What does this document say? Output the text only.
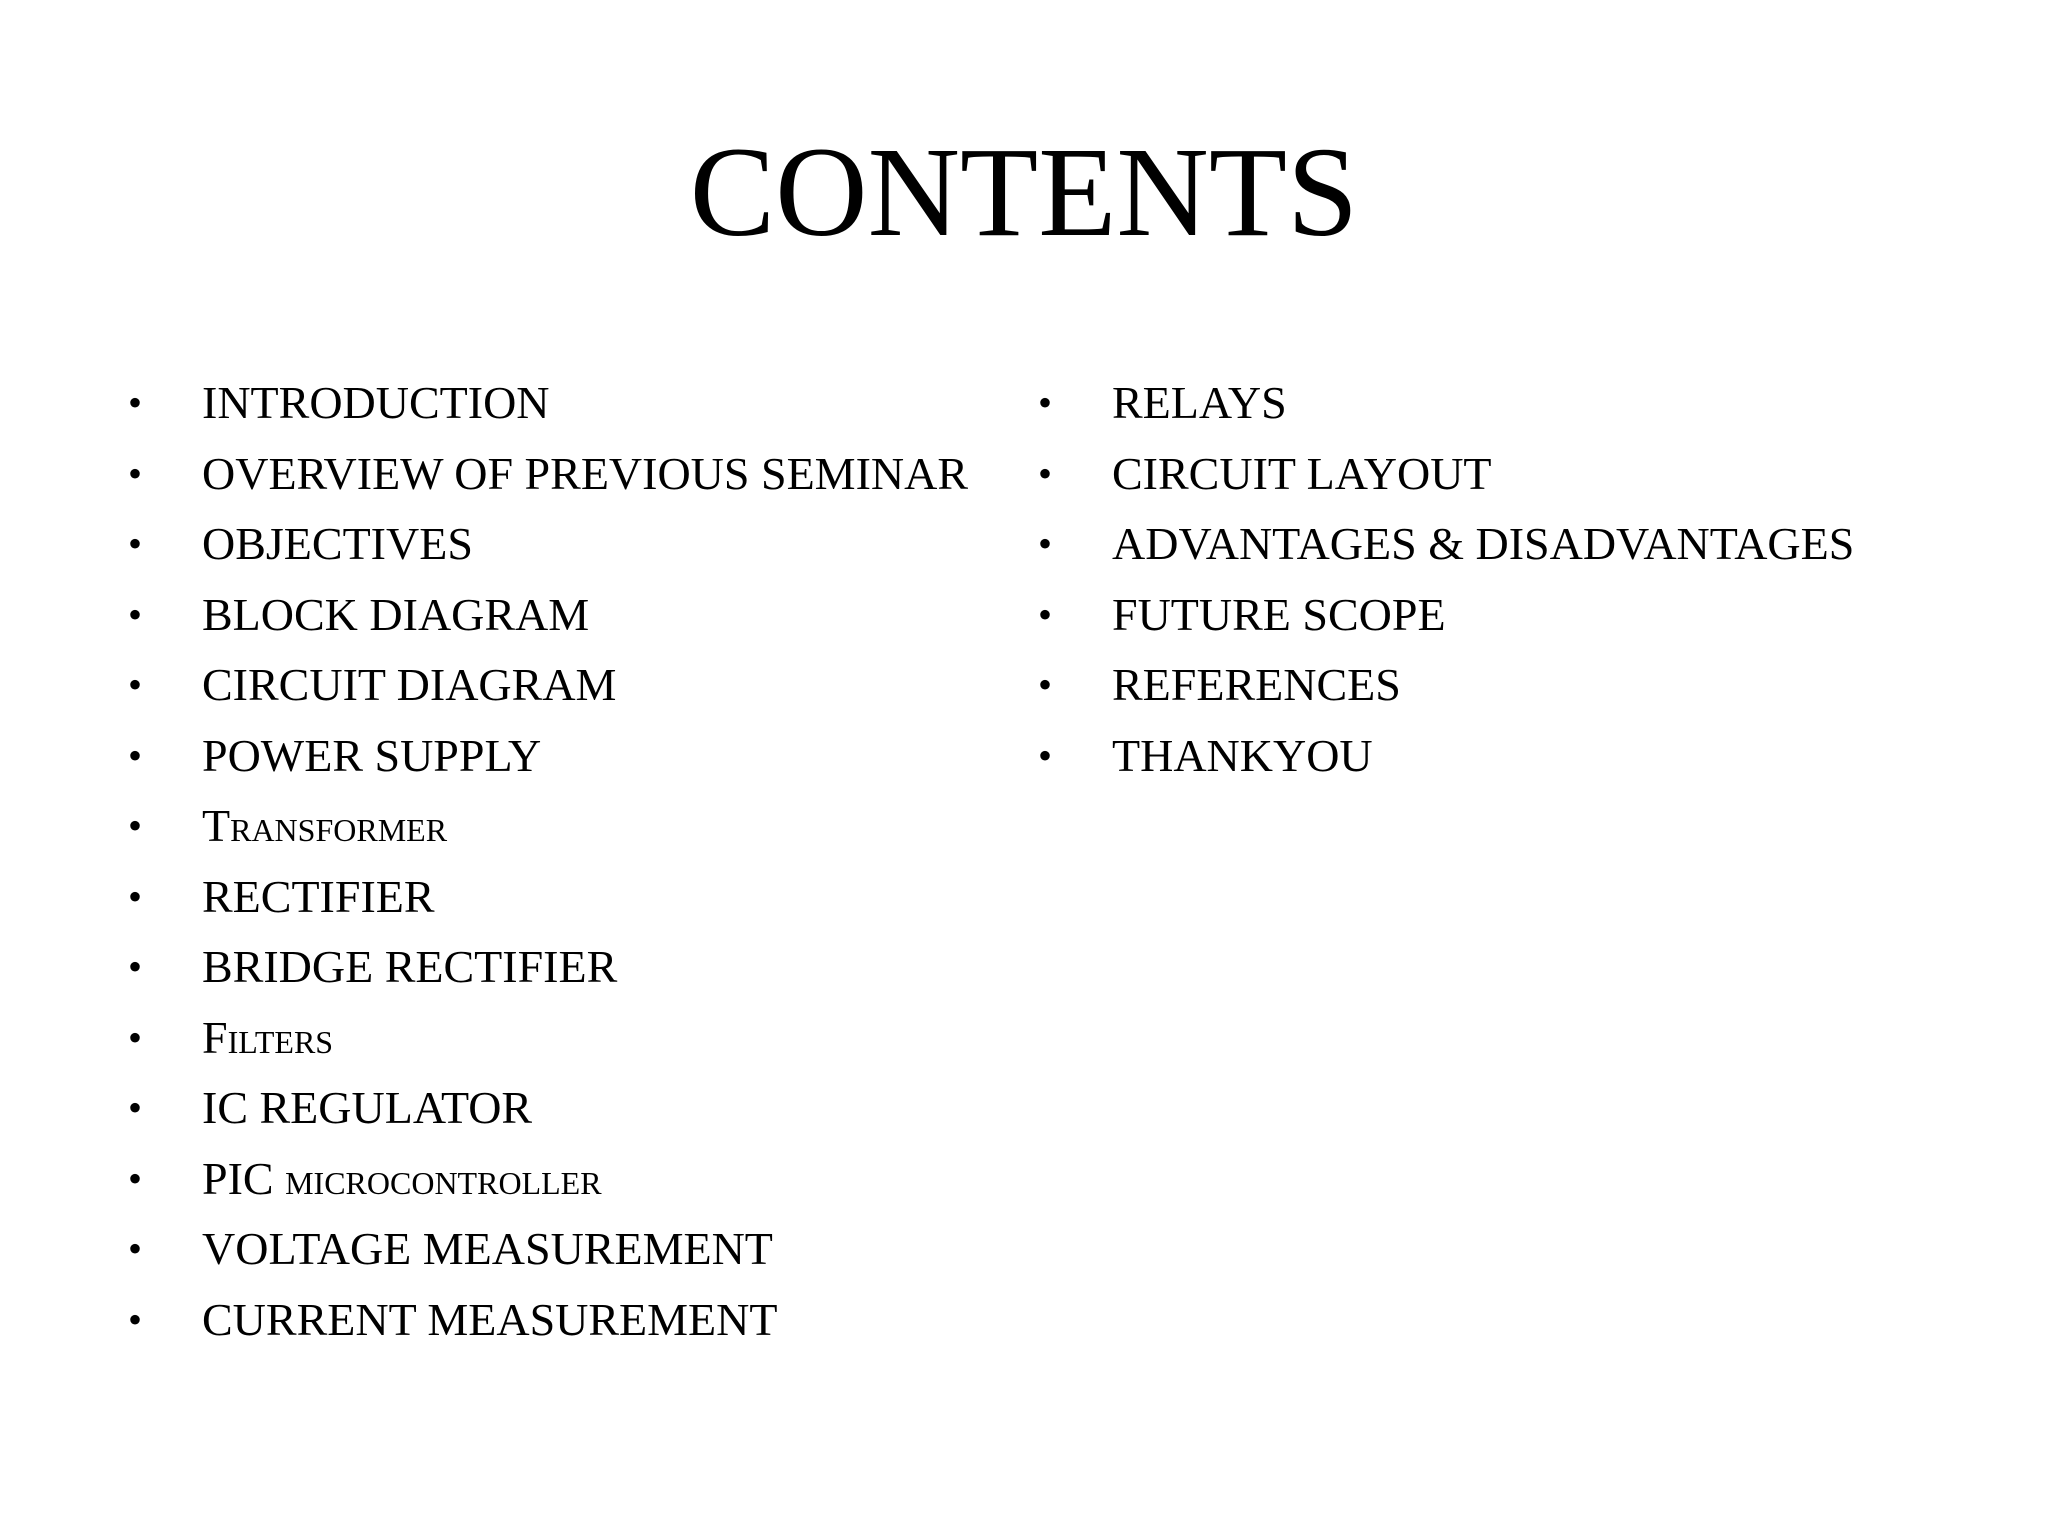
CONTENTS
• INTRODUCTION
• OVERVIEW OF PREVIOUS SEMINAR
• OBJECTIVES
• BLOCK DIAGRAM
• CIRCUIT DIAGRAM
• POWER SUPPLY
• Transformer
• RECTIFIER
• BRIDGE RECTIFIER
• Filters
• IC REGULATOR
• PIC microcontroller
• VOLTAGE MEASUREMENT
• CURRENT MEASUREMENT
• RELAYS
• CIRCUIT LAYOUT
• ADVANTAGES & DISADVANTAGES
• FUTURE SCOPE
• REFERENCES
• THANKYOU
